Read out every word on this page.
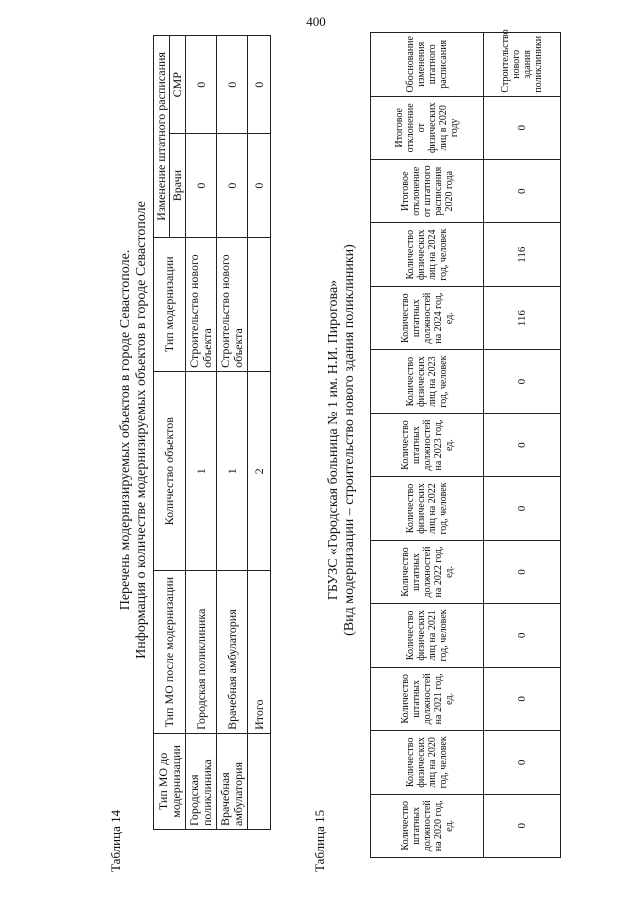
400
Таблица 14
Перечень модернизируемых объектов в городе Севастополе. Информация о количестве модернизируемых объектов в городе Севастополе
Тип МО до модернизации	Тип МО после модернизации	Количество объектов	Тип модернизации	Изменение штатного расписания	
				Врачи	СМР
Городская поликлиника	Городская поликлиника	1	Строительство нового объекта	0	0
Врачебная амбулатория	Врачебная амбулатория	1	Строительство нового объекта	0	0
	Итого	2		0	0
Таблица 15
ГБУЗС «Городская больница № 1 им. Н.И. Пирогова» (Вид модернизации – строительство нового здания поликлиники)
Количество штатных должностей на 2020 год, ед.	Количество физических лиц на 2020 год, человек	Количество штатных должностей на 2021 год, ед.	Количество физических лиц на 2021 год, человек	Количество штатных должностей на 2022 год, ед.	Количество физических лиц на 2022 год, человек	Количество штатных должностей на 2023 год, ед.	Количество физических лиц на 2023 год, человек	Количество штатных должностей на 2024 год, ед.	Количество физических лиц на 2024 год, человек	Итоговое отклонение от штатного расписания 2020 года	Итоговое отклонение от физических лиц в 2020 году	Обоснование изменения штатного расписания
0	0	0	0	0	0	0	0	116	116	0	0	Строительство нового здания поликлиники
